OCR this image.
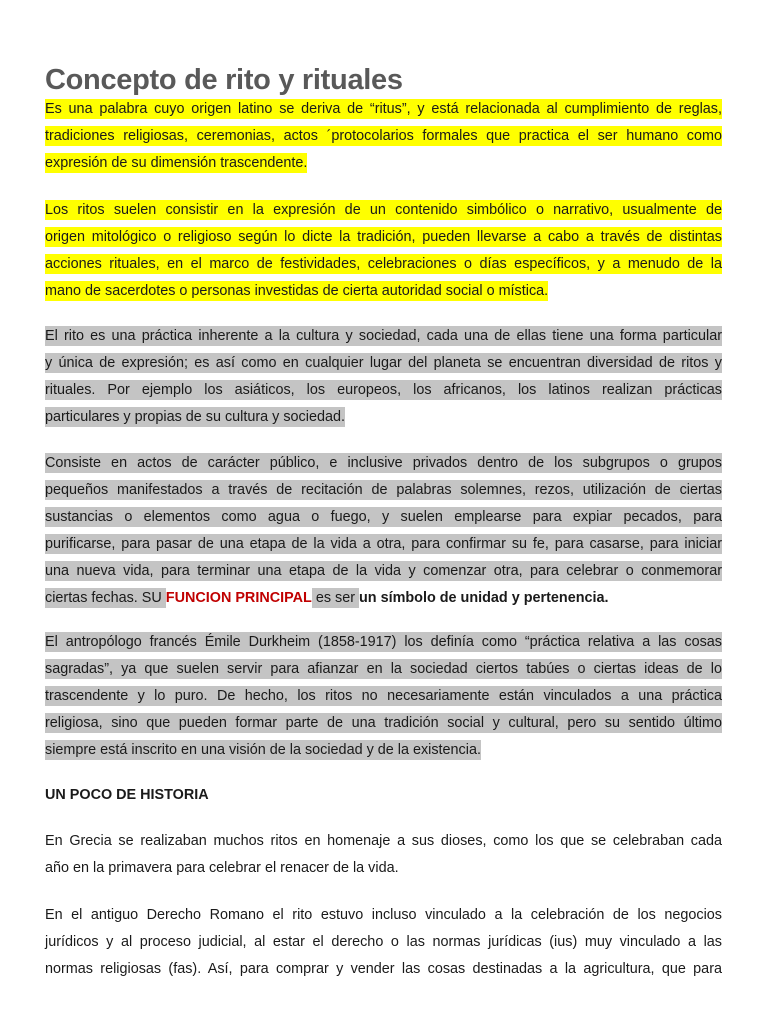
Concepto de rito y rituales
Es una palabra cuyo origen latino se deriva de “ritus”, y está relacionada al cumplimiento de reglas,
tradiciones religiosas, ceremonias, actos ´protocolarios formales que practica el ser humano como
expresión de su dimensión trascendente.
Los ritos suelen consistir en la expresión de un contenido simbólico o narrativo, usualmente de
origen mitológico o religioso según lo dicte la tradición, pueden llevarse a cabo a través de distintas
acciones rituales, en el marco de festividades, celebraciones o días específicos, y a menudo de la
mano de sacerdotes o personas investidas de cierta autoridad social o mística.
El rito es una práctica inherente a la cultura y sociedad, cada una de ellas tiene una forma particular
y única de expresión; es así como en cualquier lugar del planeta se encuentran diversidad de ritos y
rituales. Por ejemplo los asiáticos, los europeos, los africanos, los latinos realizan prácticas
particulares y propias de su cultura y sociedad.
Consiste en actos de carácter público, e inclusive privados dentro de los subgrupos o grupos
pequeños manifestados a través de recitación de palabras solemnes, rezos, utilización de ciertas
sustancias o elementos como agua o fuego, y suelen emplearse para expiar pecados, para
purificarse, para pasar de una etapa de la vida a otra, para confirmar su fe, para casarse, para iniciar
una nueva vida, para terminar una etapa de la vida y comenzar otra, para celebrar o conmemorar
ciertas fechas. SU FUNCION PRINCIPAL es ser un símbolo de unidad y pertenencia.
El antropólogo francés Émile Durkheim (1858-1917) los definía como “práctica relativa a las cosas
sagradas”, ya que suelen servir para afianzar en la sociedad ciertos tabúes o ciertas ideas de lo
trascendente y lo puro. De hecho, los ritos no necesariamente están vinculados a una práctica
religiosa, sino que pueden formar parte de una tradición social y cultural, pero su sentido último
siempre está inscrito en una visión de la sociedad y de la existencia.
UN POCO DE HISTORIA
En Grecia se realizaban muchos ritos en homenaje a sus dioses, como los que se celebraban cada
año en la primavera para celebrar el renacer de la vida.
En el antiguo Derecho Romano el rito estuvo incluso vinculado a la celebración de los negocios
jurídicos y al proceso judicial, al estar el derecho o las normas jurídicas (ius) muy vinculado a las
normas religiosas (fas). Así, para comprar y vender las cosas destinadas a la agricultura, que para
